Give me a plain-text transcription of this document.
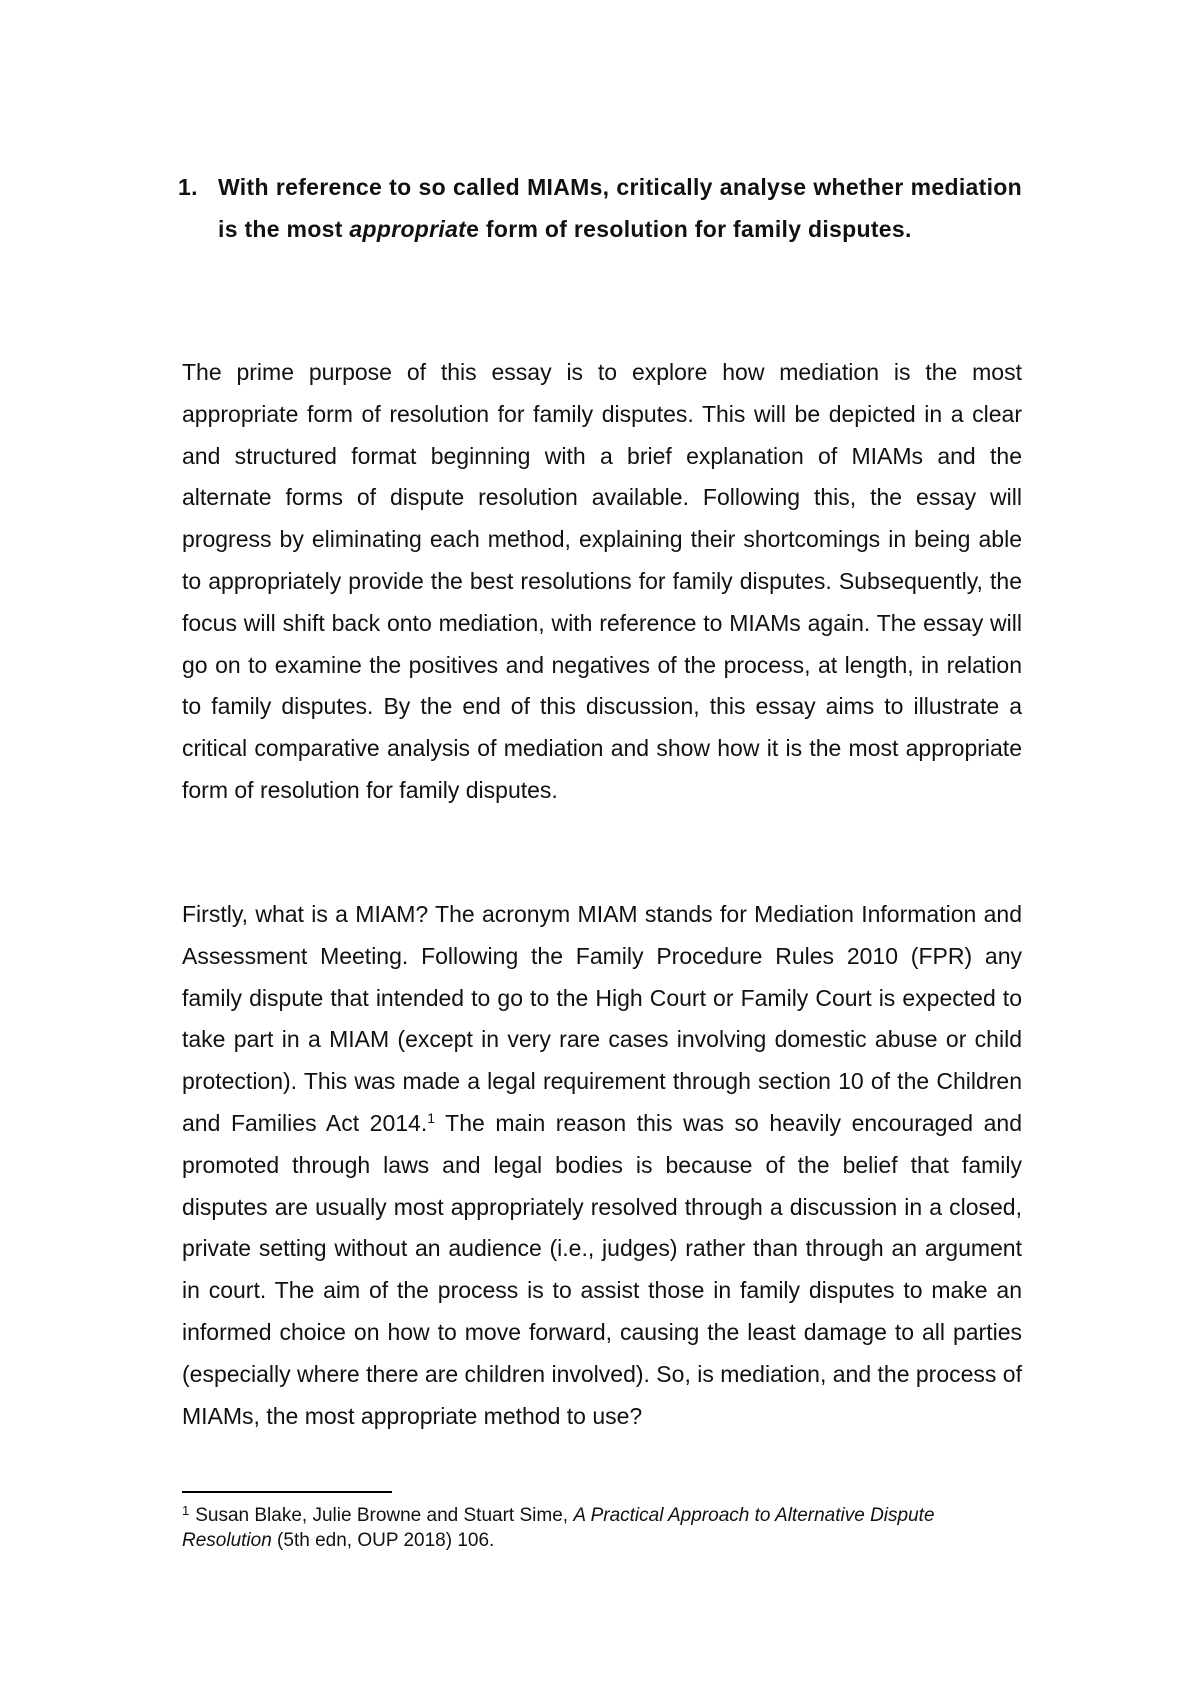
1. With reference to so called MIAMs, critically analyse whether mediation is the most appropriate form of resolution for family disputes.
The prime purpose of this essay is to explore how mediation is the most appropriate form of resolution for family disputes. This will be depicted in a clear and structured format beginning with a brief explanation of MIAMs and the alternate forms of dispute resolution available. Following this, the essay will progress by eliminating each method, explaining their shortcomings in being able to appropriately provide the best resolutions for family disputes. Subsequently, the focus will shift back onto mediation, with reference to MIAMs again. The essay will go on to examine the positives and negatives of the process, at length, in relation to family disputes. By the end of this discussion, this essay aims to illustrate a critical comparative analysis of mediation and show how it is the most appropriate form of resolution for family disputes.
Firstly, what is a MIAM? The acronym MIAM stands for Mediation Information and Assessment Meeting. Following the Family Procedure Rules 2010 (FPR) any family dispute that intended to go to the High Court or Family Court is expected to take part in a MIAM (except in very rare cases involving domestic abuse or child protection). This was made a legal requirement through section 10 of the Children and Families Act 2014.$^1$ The main reason this was so heavily encouraged and promoted through laws and legal bodies is because of the belief that family disputes are usually most appropriately resolved through a discussion in a closed, private setting without an audience (i.e., judges) rather than through an argument in court. The aim of the process is to assist those in family disputes to make an informed choice on how to move forward, causing the least damage to all parties (especially where there are children involved). So, is mediation, and the process of MIAMs, the most appropriate method to use?
$^1$ Susan Blake, Julie Browne and Stuart Sime, A Practical Approach to Alternative Dispute Resolution (5th edn, OUP 2018) 106.
